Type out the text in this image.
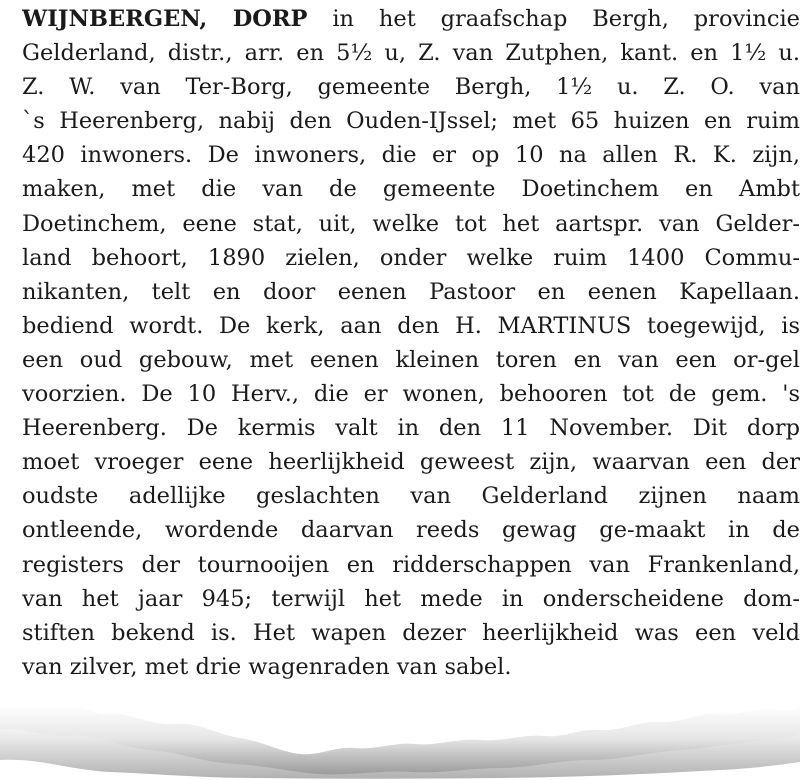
WIJNBERGEN, DORP in het graafschap Bergh, provincie
Gelderland, distr., arr. en 5½ u, Z. van Zutphen, kant. en 1½ u.
Z. W. van Ter-Borg, gemeente Bergh, 1½ u. Z. O. van
`s Heerenberg, nabij den Ouden-IJssel; met 65 huizen en ruim
420 inwoners. De inwoners, die er op 10 na allen R. K. zijn,
maken, met die van de gemeente Doetinchem en Ambt
Doetinchem, eene stat, uit, welke tot het aartspr. van Gelder-
land behoort, 1890 zielen, onder welke ruim 1400 Commu-
nikanten, telt en door eenen Pastoor en eenen Kapellaan.
bediend wordt. De kerk, aan den H. MARTINUS toegewijd, is
een oud gebouw, met eenen kleinen toren en van een or-gel
voorzien. De 10 Herv., die er wonen, behooren tot de gem. 's
Heerenberg. De kermis valt in den 11 November. Dit dorp
moet vroeger eene heerlijkheid geweest zijn, waarvan een der
oudste adellijke geslachten van Gelderland zijnen naam
ontleende, wordende daarvan reeds gewag ge-maakt in de
registers der tournooijen en ridderschappen van Frankenland,
van het jaar 945; terwijl het mede in onderscheidene dom-
stiften bekend is. Het wapen dezer heerlijkheid was een veld
van zilver, met drie wagenraden van sabel.
